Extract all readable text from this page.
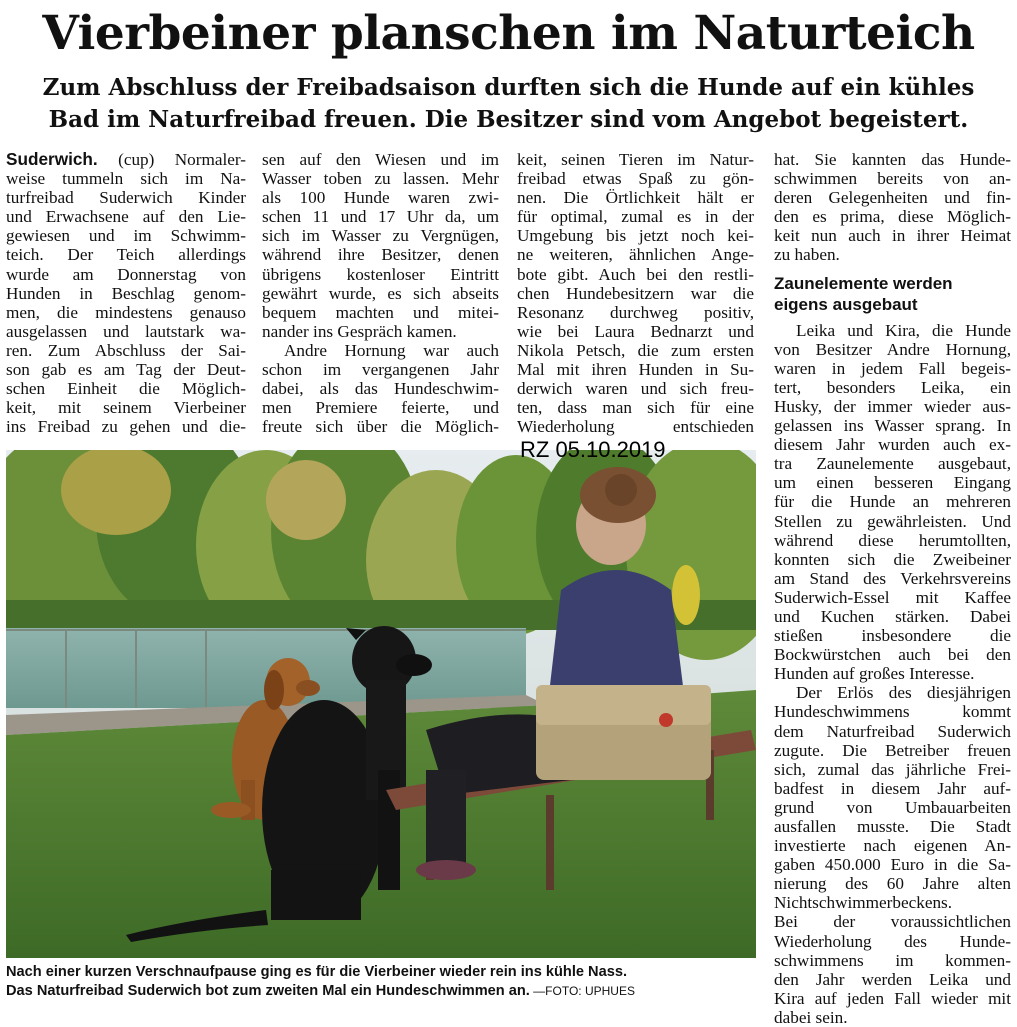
Vierbeiner planschen im Naturteich
Zum Abschluss der Freibadsaison durften sich die Hunde auf ein kühles
Bad im Naturfreibad freuen. Die Besitzer sind vom Angebot begeistert.
Suderwich. (cup) Normaler-
weise tummeln sich im Na-
turfreibad Suderwich Kinder
und Erwachsene auf den Lie-
gewiesen und im Schwimm-
teich. Der Teich allerdings
wurde am Donnerstag von
Hunden in Beschlag genom-
men, die mindestens genauso
ausgelassen und lautstark wa-
ren. Zum Abschluss der Sai-
son gab es am Tag der Deut-
schen Einheit die Möglich-
keit, mit seinem Vierbeiner
ins Freibad zu gehen und die-
sen auf den Wiesen und im
Wasser toben zu lassen. Mehr
als 100 Hunde waren zwi-
schen 11 und 17 Uhr da, um
sich im Wasser zu Vergnügen,
während ihre Besitzer, denen
übrigens kostenloser Eintritt
gewährt wurde, es sich abseits
bequem machten und mitei-
nander ins Gespräch kamen.
Andre Hornung war auch
schon im vergangenen Jahr
dabei, als das Hundeschwim-
men Premiere feierte, und
freute sich über die Möglich-
keit, seinen Tieren im Natur-
freibad etwas Spaß zu gön-
nen. Die Örtlichkeit hält er
für optimal, zumal es in der
Umgebung bis jetzt noch kei-
ne weiteren, ähnlichen Ange-
bote gibt. Auch bei den restli-
chen Hundebesitzern war die
Resonanz durchweg positiv,
wie bei Laura Bednarzt und
Nikola Petsch, die zum ersten
Mal mit ihren Hunden in Su-
derwich waren und sich freu-
ten, dass man sich für eine
Wiederholung entschieden
hat. Sie kannten das Hunde-
schwimmen bereits von an-
deren Gelegenheiten und fin-
den es prima, diese Möglich-
keit nun auch in ihrer Heimat
zu haben.
Zaunelemente werden
eigens ausgebaut
Leika und Kira, die Hunde
von Besitzer Andre Hornung,
waren in jedem Fall begeis-
tert, besonders Leika, ein
Husky, der immer wieder aus-
gelassen ins Wasser sprang. In
diesem Jahr wurden auch ex-
tra Zaunelemente ausgebaut,
um einen besseren Eingang
für die Hunde an mehreren
Stellen zu gewährleisten. Und
während diese herumtollten,
konnten sich die Zweibeiner
am Stand des Verkehrsvereins
Suderwich-Essel mit Kaffee
und Kuchen stärken. Dabei
stießen insbesondere die
Bockwürstchen auch bei den
Hunden auf großes Interesse.
Der Erlös des diesjährigen
Hundeschwimmens kommt
dem Naturfreibad Suderwich
zugute. Die Betreiber freuen
sich, zumal das jährliche Frei-
badfest in diesem Jahr auf-
grund von Umbauarbeiten
ausfallen musste. Die Stadt
investierte nach eigenen An-
gaben 450.000 Euro in die Sa-
nierung des 60 Jahre alten
Nichtschwimmerbeckens.
Bei der voraussichtlichen
Wiederholung des Hunde-
schwimmens im kommen-
den Jahr werden Leika und
Kira auf jeden Fall wieder mit
dabei sein.
RZ 05.10.2019
Nach einer kurzen Verschnaufpause ging es für die Vierbeiner wieder rein ins kühle Nass.
Das Naturfreibad Suderwich bot zum zweiten Mal ein Hundeschwimmen an. —FOTO: UPHUES
